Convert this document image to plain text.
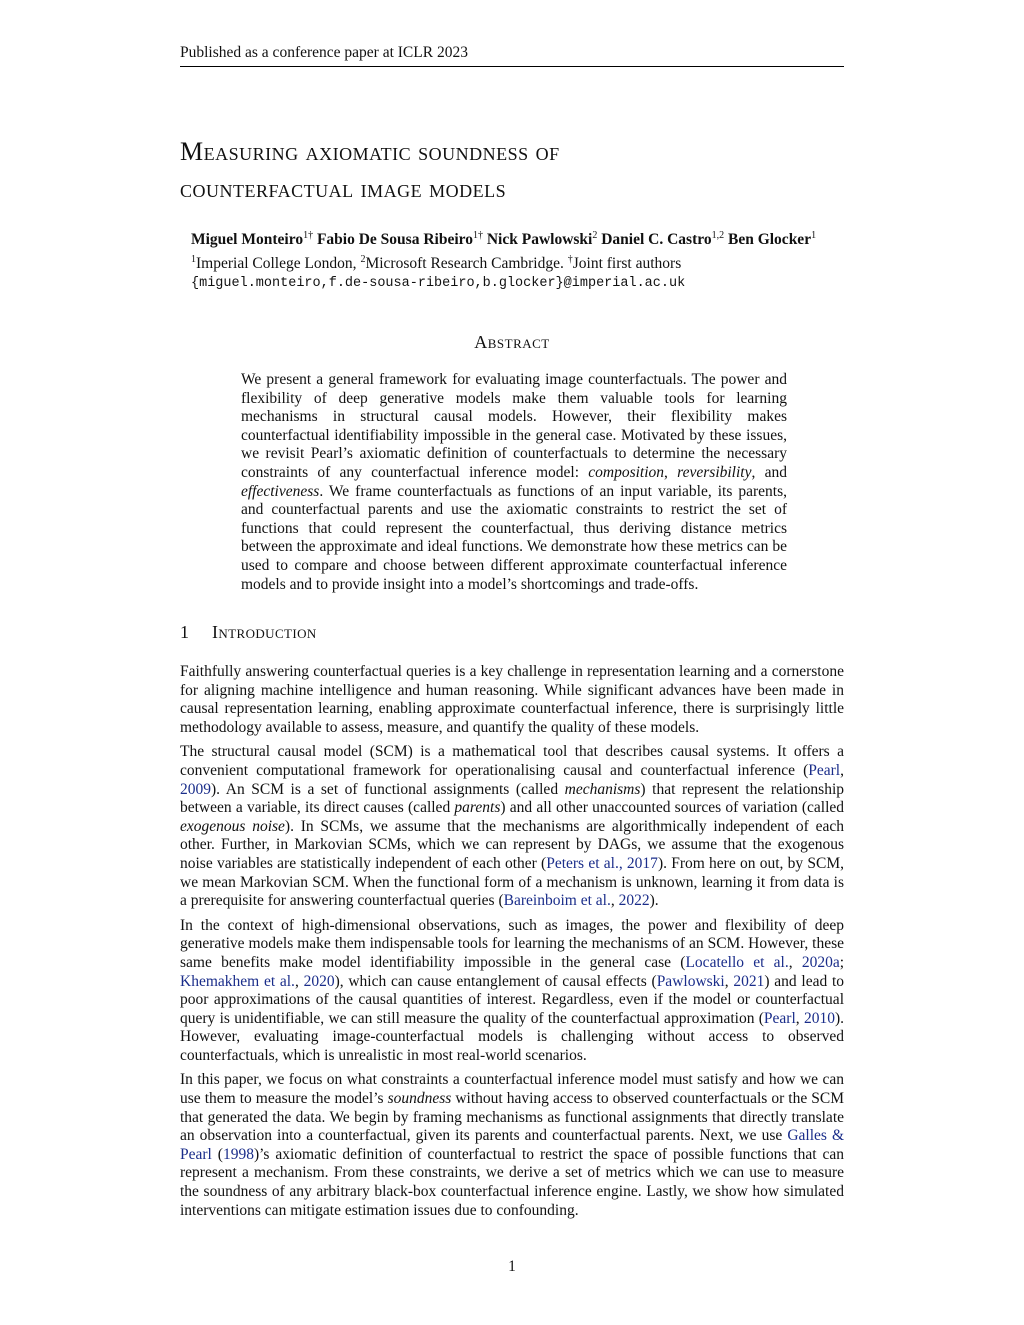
Published as a conference paper at ICLR 2023
Measuring axiomatic soundness of
counterfactual image models
Miguel Monteiro$^{1\dagger}$ Fabio De Sousa Ribeiro$^{1\dagger}$ Nick Pawlowski$^2$ Daniel C. Castro$^{1,2}$ Ben Glocker$^1$
$^1$Imperial College London, $^2$Microsoft Research Cambridge. †Joint first authors
{miguel.monteiro,f.de-sousa-ribeiro,b.glocker}@imperial.ac.uk
Abstract
We present a general framework for evaluating image counterfactuals. The power and flexibility of deep generative models make them valuable tools for learning mechanisms in structural causal models. However, their flexibility makes counterfactual identifiability impossible in the general case. Motivated by these issues, we revisit Pearl’s axiomatic definition of counterfactuals to determine the necessary constraints of any counterfactual inference model: composition, reversibility, and effectiveness. We frame counterfactuals as functions of an input variable, its parents, and counterfactual parents and use the axiomatic constraints to restrict the set of functions that could represent the counterfactual, thus deriving distance metrics between the approximate and ideal functions. We demonstrate how these metrics can be used to compare and choose between different approximate counterfactual inference models and to provide insight into a model’s shortcomings and trade-offs.
1 Introduction

Faithfully answering counterfactual queries is a key challenge in representation learning and a cornerstone for aligning machine intelligence and human reasoning. While significant advances have been made in causal representation learning, enabling approximate counterfactual inference, there is surprisingly little methodology available to assess, measure, and quantify the quality of these models.

The structural causal model (SCM) is a mathematical tool that describes causal systems. It offers a convenient computational framework for operationalising causal and counterfactual inference (Pearl, 2009). An SCM is a set of functional assignments (called mechanisms) that represent the relationship between a variable, its direct causes (called parents) and all other unaccounted sources of variation (called exogenous noise). In SCMs, we assume that the mechanisms are algorithmically independent of each other. Further, in Markovian SCMs, which we can represent by DAGs, we assume that the exogenous noise variables are statistically independent of each other (Peters et al., 2017). From here on out, by SCM, we mean Markovian SCM. When the functional form of a mechanism is unknown, learning it from data is a prerequisite for answering counterfactual queries (Bareinboim et al., 2022).

In the context of high-dimensional observations, such as images, the power and flexibility of deep generative models make them indispensable tools for learning the mechanisms of an SCM. However, these same benefits make model identifiability impossible in the general case (Locatello et al., 2020a; Khemakhem et al., 2020), which can cause entanglement of causal effects (Pawlowski, 2021) and lead to poor approximations of the causal quantities of interest. Regardless, even if the model or counterfactual query is unidentifiable, we can still measure the quality of the counterfactual approximation (Pearl, 2010). However, evaluating image-counterfactual models is challenging without access to observed counterfactuals, which is unrealistic in most real-world scenarios.

In this paper, we focus on what constraints a counterfactual inference model must satisfy and how we can use them to measure the model’s soundness without having access to observed counterfactuals or the SCM that generated the data. We begin by framing mechanisms as functional assignments that directly translate an observation into a counterfactual, given its parents and counterfactual parents. Next, we use Galles & Pearl (1998)’s axiomatic definition of counterfactual to restrict the space of possible functions that can represent a mechanism. From these constraints, we derive a set of metrics which we can use to measure the soundness of any arbitrary black-box counterfactual inference engine. Lastly, we show how simulated interventions can mitigate estimation issues due to confounding.

1
